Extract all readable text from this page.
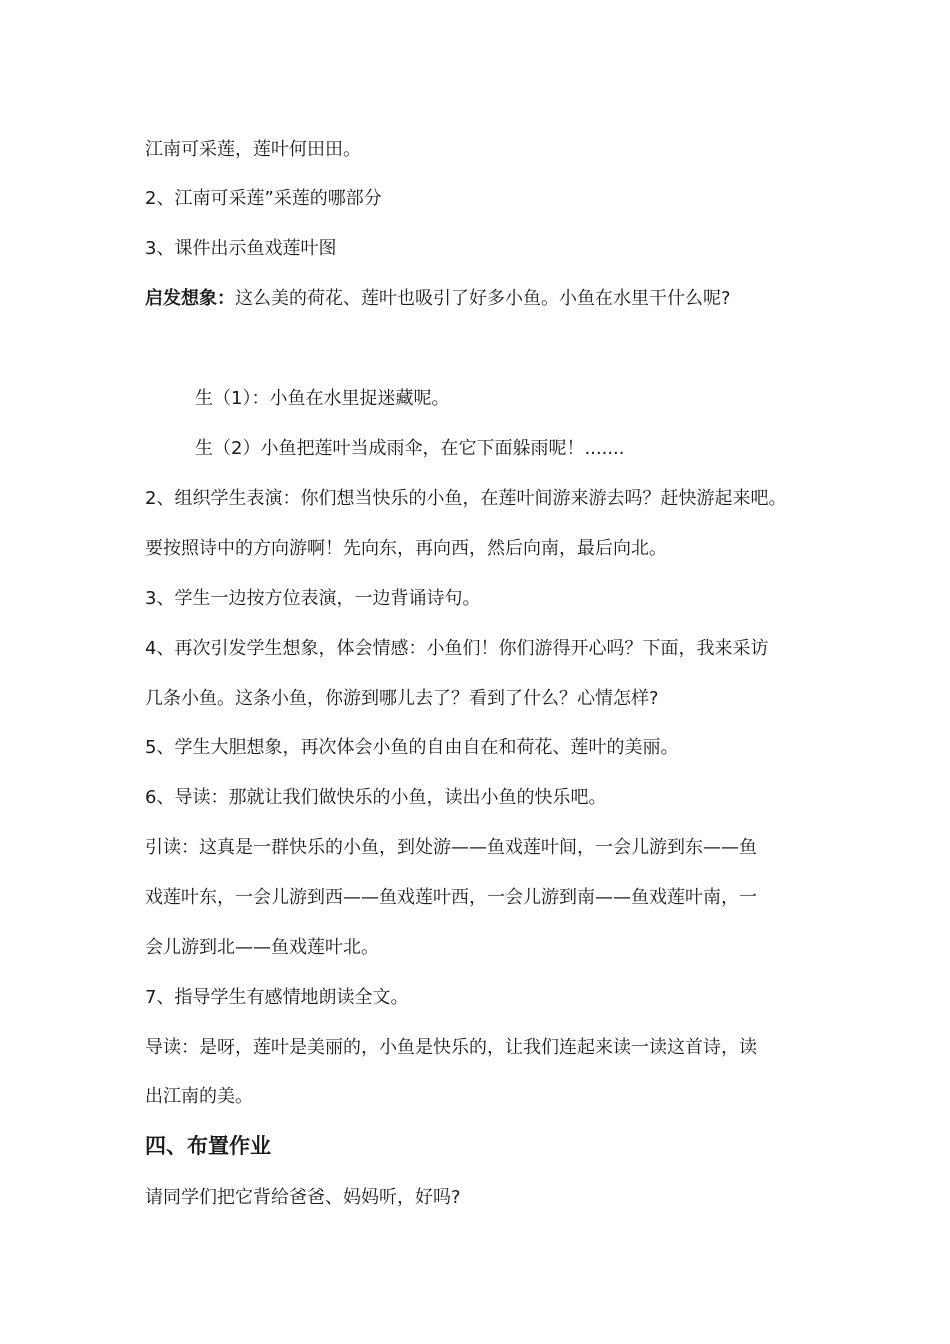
江南可采莲，莲叶何田田。
2、江南可采莲”采莲的哪部分
3、课件出示鱼戏莲叶图
启发想象：这么美的荷花、莲叶也吸引了好多小鱼。小鱼在水里干什么呢?
生（1）：小鱼在水里捉迷藏呢。
生（2）小鱼把莲叶当成雨伞，在它下面躲雨呢！.......
2、组织学生表演：你们想当快乐的小鱼，在莲叶间游来游去吗？赶快游起来吧。
要按照诗中的方向游啊！先向东，再向西，然后向南，最后向北。
3、学生一边按方位表演，一边背诵诗句。
4、再次引发学生想象，体会情感：小鱼们！你们游得开心吗？下面，我来采访
几条小鱼。这条小鱼，你游到哪儿去了？看到了什么？心情怎样?
5、学生大胆想象，再次体会小鱼的自由自在和荷花、莲叶的美丽。
6、导读：那就让我们做快乐的小鱼，读出小鱼的快乐吧。
引读：这真是一群快乐的小鱼，到处游——鱼戏莲叶间，一会儿游到东——鱼
戏莲叶东，一会儿游到西——鱼戏莲叶西，一会儿游到南——鱼戏莲叶南，一
会儿游到北——鱼戏莲叶北。
7、指导学生有感情地朗读全文。
导读：是呀，莲叶是美丽的，小鱼是快乐的，让我们连起来读一读这首诗，读
出江南的美。
四、布置作业
请同学们把它背给爸爸、妈妈听，好吗?
